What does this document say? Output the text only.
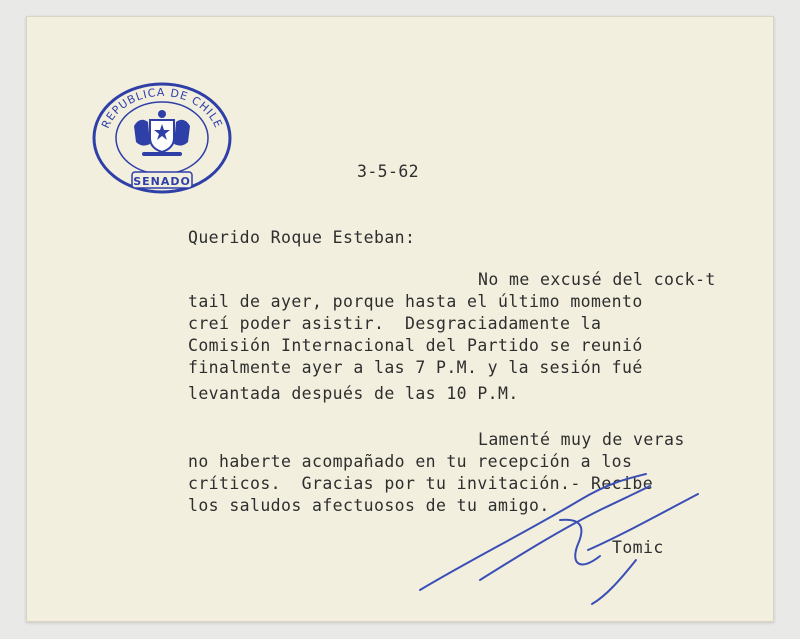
REPUBLICA DE CHILE
SENADO
3-5-62
Querido Roque Esteban:
No me excusé del cock-t
tail de ayer, porque hasta el último momento
creí poder asistir.  Desgraciadamente la
Comisión Internacional del Partido se reunió
finalmente ayer a las 7 P.M. y la sesión fué
levantada después de las 10 P.M.
Lamenté muy de veras
no haberte acompañado en tu recepción a los
críticos.  Gracias por tu invitación.- Recibe
los saludos afectuosos de tu amigo.
Tomic
